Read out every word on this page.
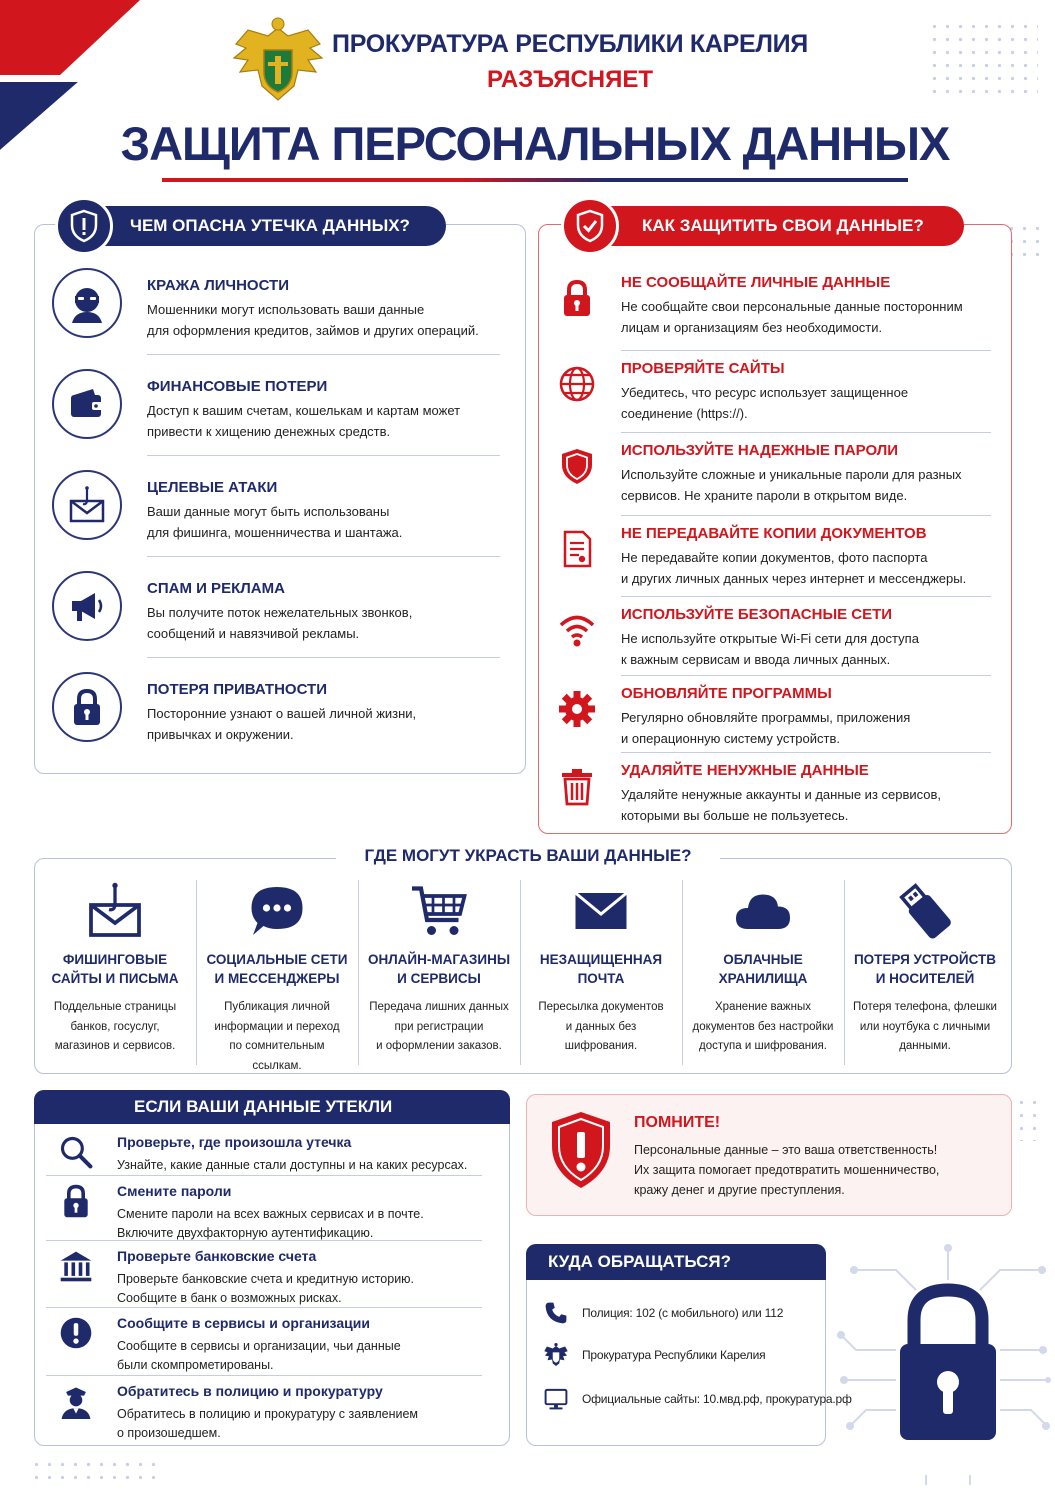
ПРОКУРАТУРА РЕСПУБЛИКИ КАРЕЛИЯ
РАЗЪЯСНЯЕТ
ЗАЩИТА ПЕРСОНАЛЬНЫХ ДАННЫХ
ЧЕМ ОПАСНА УТЕЧКА ДАННЫХ?
КРАЖА ЛИЧНОСТИ
Мошенники могут использовать ваши данные
для оформления кредитов, займов и других операций.
ФИНАНСОВЫЕ ПОТЕРИ
Доступ к вашим счетам, кошелькам и картам может
привести к хищению денежных средств.
ЦЕЛЕВЫЕ АТАКИ
Ваши данные могут быть использованы
для фишинга, мошенничества и шантажа.
СПАМ И РЕКЛАМА
Вы получите поток нежелательных звонков,
сообщений и навязчивой рекламы.
ПОТЕРЯ ПРИВАТНОСТИ
Посторонние узнают о вашей личной жизни,
привычках и окружении.
КАК ЗАЩИТИТЬ СВОИ ДАННЫЕ?
НЕ СООБЩАЙТЕ ЛИЧНЫЕ ДАННЫЕ
Не сообщайте свои персональные данные посторонним
лицам и организациям без необходимости.
ПРОВЕРЯЙТЕ САЙТЫ
Убедитесь, что ресурс использует защищенное
соединение (https://).
ИСПОЛЬЗУЙТЕ НАДЕЖНЫЕ ПАРОЛИ
Используйте сложные и уникальные пароли для разных
сервисов. Не храните пароли в открытом виде.
НЕ ПЕРЕДАВАЙТЕ КОПИИ ДОКУМЕНТОВ
Не передавайте копии документов, фото паспорта
и других личных данных через интернет и мессенджеры.
ИСПОЛЬЗУЙТЕ БЕЗОПАСНЫЕ СЕТИ
Не используйте открытые Wi-Fi сети для доступа
к важным сервисам и ввода личных данных.
ОБНОВЛЯЙТЕ ПРОГРАММЫ
Регулярно обновляйте программы, приложения
и операционную систему устройств.
УДАЛЯЙТЕ НЕНУЖНЫЕ ДАННЫЕ
Удаляйте ненужные аккаунты и данные из сервисов,
которыми вы больше не пользуетесь.
ГДЕ МОГУТ УКРАСТЬ ВАШИ ДАННЫЕ?
ФИШИНГОВЫЕ
САЙТЫ И ПИСЬМА
Поддельные страницы
банков, госуслуг,
магазинов и сервисов.
СОЦИАЛЬНЫЕ СЕТИ
И МЕССЕНДЖЕРЫ
Публикация личной
информации и переход
по сомнительным
ссылкам.
ОНЛАЙН-МАГАЗИНЫ
И СЕРВИСЫ
Передача лишних данных
при регистрации
и оформлении заказов.
НЕЗАЩИЩЕННАЯ
ПОЧТА
Пересылка документов
и данных без
шифрования.
ОБЛАЧНЫЕ
ХРАНИЛИЩА
Хранение важных
документов без настройки
доступа и шифрования.
ПОТЕРЯ УСТРОЙСТВ
И НОСИТЕЛЕЙ
Потеря телефона, флешки
или ноутбука с личными
данными.
ЕСЛИ ВАШИ ДАННЫЕ УТЕКЛИ
Проверьте, где произошла утечка
Узнайте, какие данные стали доступны и на каких ресурсах.
Смените пароли
Смените пароли на всех важных сервисах и в почте.
Включите двухфакторную аутентификацию.
Проверьте банковские счета
Проверьте банковские счета и кредитную историю.
Сообщите в банк о возможных рисках.
Сообщите в сервисы и организации
Сообщите в сервисы и организации, чьи данные
были скомпрометированы.
Обратитесь в полицию и прокуратуру
Обратитесь в полицию и прокуратуру с заявлением
о произошедшем.
ПОМНИТЕ!
Персональные данные – это ваша ответственность!
Их защита помогает предотвратить мошенничество,
кражу денег и другие преступления.
КУДА ОБРАЩАТЬСЯ?
Полиция: 102 (с мобильного) или 112
Прокуратура Республики Карелия
Официальные сайты: 10.мвд.рф, прокуратура.рф
